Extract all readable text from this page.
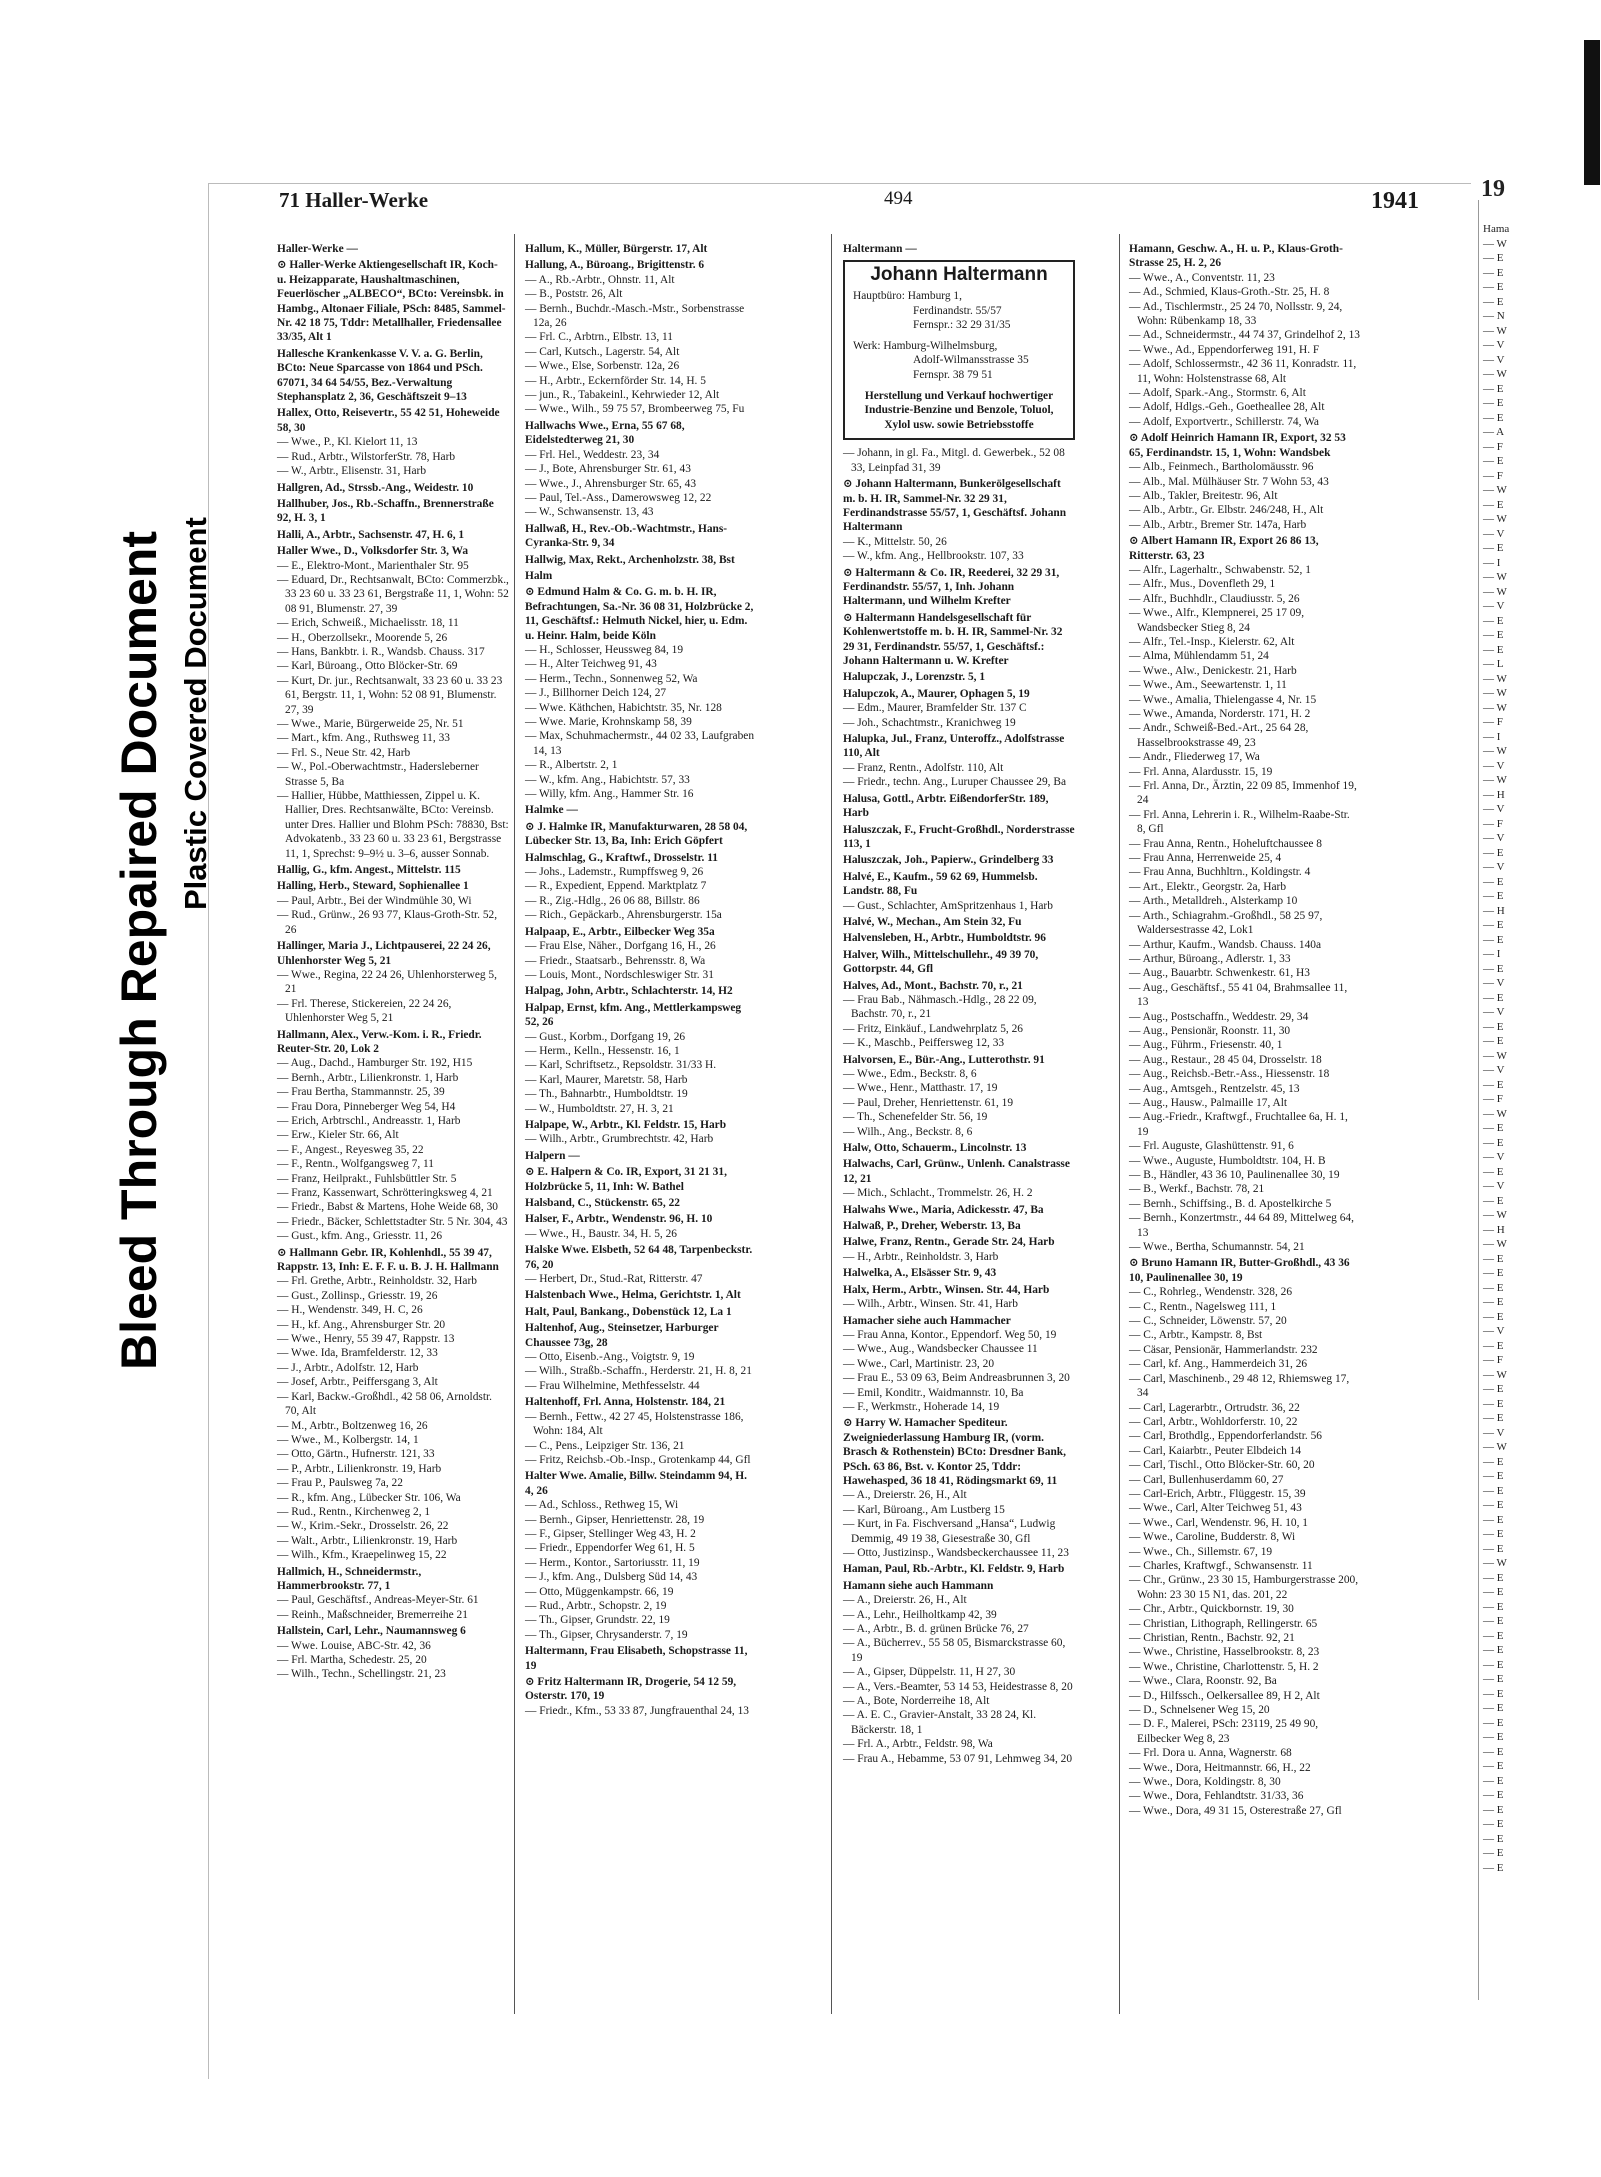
Bleed Through Repaired Document Plastic Covered Document
71 Haller-Werke	494	1941

Haller-Werke —

⊙ Haller-Werke Aktiengesellschaft IR, Koch- u. Heizapparate, Haushaltmaschinen, Feuerlöscher „ALBECO“, BCto: Vereinsbk. in Hambg., Altonaer Filiale, PSch: 8485, Sammel-Nr. 42 18 75, Tddr: Metallhaller, Friedensallee 33/35, Alt 1

Hallesche Krankenkasse V. V. a. G. Berlin, BCto: Neue Sparcasse von 1864 und PSch. 67071, 34 64 54/55, Bez.-Verwaltung Stephansplatz 2, 36, Geschäftszeit 9–13

Hallex, Otto, Reisevertr., 55 42 51, Hoheweide 58, 30

— Wwe., P., Kl. Kielort 11, 13

— Rud., Arbtr., WilstorferStr. 78, Harb

— W., Arbtr., Elisenstr. 31, Harb

Hallgren, Ad., Strssb.-Ang., Weidestr. 10

Hallhuber, Jos., Rb.-Schaffn., Brennerstraße 92, H. 3, 1

Halli, A., Arbtr., Sachsenstr. 47, H. 6, 1

Haller Wwe., D., Volksdorfer Str. 3, Wa

— E., Elektro-Mont., Marienthaler Str. 95

— Eduard, Dr., Rechtsanwalt, BCto: Commerzbk., 33 23 60 u. 33 23 61, Bergstraße 11, 1, Wohn: 52 08 91, Blumenstr. 27, 39

— Erich, Schweiß., Michaelisstr. 18, 11

— H., Oberzollsekr., Moorende 5, 26

— Hans, Bankbtr. i. R., Wandsb. Chauss. 317

— Karl, Büroang., Otto Blöcker-Str. 69

— Kurt, Dr. jur., Rechtsanwalt, 33 23 60 u. 33 23 61, Bergstr. 11, 1, Wohn: 52 08 91, Blumenstr. 27, 39

— Wwe., Marie, Bürgerweide 25, Nr. 51

— Mart., kfm. Ang., Ruthsweg 11, 33

— Frl. S., Neue Str. 42, Harb

— W., Pol.-Oberwachtmstr., Hadersleberner Strasse 5, Ba

— Hallier, Hübbe, Matthiessen, Zippel u. K. Hallier, Dres. Rechtsanwälte, BCto: Vereinsb. unter Dres. Hallier und Blohm PSch: 78830, Bst: Advokatenb., 33 23 60 u. 33 23 61, Bergstrasse 11, 1, Sprechst: 9–9½ u. 3–6, ausser Sonnab.

Hallig, G., kfm. Angest., Mittelstr. 115

Halling, Herb., Steward, Sophienallee 1

— Paul, Arbtr., Bei der Windmühle 30, Wi

— Rud., Grünw., 26 93 77, Klaus-Groth-Str. 52, 26

Hallinger, Maria J., Lichtpauserei, 22 24 26, Uhlenhorster Weg 5, 21

— Wwe., Regina, 22 24 26, Uhlenhorsterweg 5, 21

— Frl. Therese, Stickereien, 22 24 26, Uhlenhorster Weg 5, 21

Hallmann, Alex., Verw.-Kom. i. R., Friedr. Reuter-Str. 20, Lok 2

— Aug., Dachd., Hamburger Str. 192, H15

— Bernh., Arbtr., Lilienkronstr. 1, Harb

— Frau Bertha, Stammannstr. 25, 39

— Frau Dora, Pinneberger Weg 54, H4

— Erich, Arbtrschl., Andreasstr. 1, Harb

— Erw., Kieler Str. 66, Alt

— F., Angest., Reyesweg 35, 22

— F., Rentn., Wolfgangsweg 7, 11

— Franz, Heilprakt., Fuhlsbüttler Str. 5

— Franz, Kassenwart, Schrötteringksweg 4, 21

— Friedr., Babst & Martens, Hohe Weide 68, 30

— Friedr., Bäcker, Schlettstadter Str. 5 Nr. 304, 43

— Gust., kfm. Ang., Griesstr. 11, 26

⊙ Hallmann Gebr. IR, Kohlenhdl., 55 39 47, Rappstr. 13, Inh: E. F. F. u. B. J. H. Hallmann

— Frl. Grethe, Arbtr., Reinholdstr. 32, Harb

— Gust., Zollinsp., Griesstr. 19, 26

— H., Wendenstr. 349, H. C, 26

— H., kf. Ang., Ahrensburger Str. 20

— Wwe., Henry, 55 39 47, Rappstr. 13

— Wwe. Ida, Bramfelderstr. 12, 33

— J., Arbtr., Adolfstr. 12, Harb

— Josef, Arbtr., Peiffersgang 3, Alt

— Karl, Backw.-Großhdl., 42 58 06, Arnoldstr. 70, Alt

— M., Arbtr., Boltzenweg 16, 26

— Wwe., M., Kolbergstr. 14, 1

— Otto, Gärtn., Hufnerstr. 121, 33

— P., Arbtr., Lilienkronstr. 19, Harb

— Frau P., Paulsweg 7a, 22

— R., kfm. Ang., Lübecker Str. 106, Wa

— Rud., Rentn., Kirchenweg 2, 1

— W., Krim.-Sekr., Drosselstr. 26, 22

— Walt., Arbtr., Lilienkronstr. 19, Harb

— Wilh., Kfm., Kraepelinweg 15, 22

Hallmich, H., Schneidermstr., Hammerbrookstr. 77, 1

— Paul, Geschäftsf., Andreas-Meyer-Str. 61

— Reinh., Maßschneider, Bremerreihe 21

Hallstein, Carl, Lehr., Naumannsweg 6

— Wwe. Louise, ABC-Str. 42, 36

— Frl. Martha, Schedestr. 25, 20

— Wilh., Techn., Schellingstr. 21, 23

Hallum, K., Müller, Bürgerstr. 17, Alt

Hallung, A., Büroang., Brigittenstr. 6

— A., Rb.-Arbtr., Ohnstr. 11, Alt

— B., Poststr. 26, Alt

— Bernh., Buchdr.-Masch.-Mstr., Sorbenstrasse 12a, 26

— Frl. C., Arbtrn., Elbstr. 13, 11

— Carl, Kutsch., Lagerstr. 54, Alt

— Wwe., Else, Sorbenstr. 12a, 26

— H., Arbtr., Eckernförder Str. 14, H. 5

— jun., R., Tabakeinl., Kehrwieder 12, Alt

— Wwe., Wilh., 59 75 57, Brombeerweg 75, Fu

Hallwachs Wwe., Erna, 55 67 68, Eidelstedterweg 21, 30

— Frl. Hel., Weddestr. 23, 34

— J., Bote, Ahrensburger Str. 61, 43

— Wwe., J., Ahrensburger Str. 65, 43

— Paul, Tel.-Ass., Damerowsweg 12, 22

— W., Schwansenstr. 13, 43

Hallwaß, H., Rev.-Ob.-Wachtmstr., Hans-Cyranka-Str. 9, 34

Hallwig, Max, Rekt., Archenholzstr. 38, Bst

Halm

⊙ Edmund Halm & Co. G. m. b. H. IR, Befrachtungen, Sa.-Nr. 36 08 31, Holzbrücke 2, 11, Geschäftsf.: Helmuth Nickel, hier, u. Edm. u. Heinr. Halm, beide Köln

— H., Schlosser, Heussweg 84, 19

— H., Alter Teichweg 91, 43

— Herm., Techn., Sonnenweg 52, Wa

— J., Billhorner Deich 124, 27

— Wwe. Käthchen, Habichtstr. 35, Nr. 128

— Wwe. Marie, Krohnskamp 58, 39

— Max, Schuhmachermstr., 44 02 33, Laufgraben 14, 13

— R., Albertstr. 2, 1

— W., kfm. Ang., Habichtstr. 57, 33

— Willy, kfm. Ang., Hammer Str. 16

Halmke —

⊙ J. Halmke IR, Manufakturwaren, 28 58 04, Lübecker Str. 13, Ba, Inh: Erich Göpfert

Halmschlag, G., Kraftwf., Drosselstr. 11

— Johs., Lademstr., Rumpffsweg 9, 26

— R., Expedient, Eppend. Marktplatz 7

— R., Zig.-Hdlg., 26 06 88, Billstr. 86

— Rich., Gepäckarb., Ahrensburgerstr. 15a

Halpaap, E., Arbtr., Eilbecker Weg 35a

— Frau Else, Näher., Dorfgang 16, H., 26

— Friedr., Staatsarb., Behrensstr. 8, Wa

— Louis, Mont., Nordschleswiger Str. 31

Halpag, John, Arbtr., Schlachterstr. 14, H2

Halpap, Ernst, kfm. Ang., Mettlerkampsweg 52, 26

— Gust., Korbm., Dorfgang 19, 26

— Herm., Kelln., Hessenstr. 16, 1

— Karl, Schriftsetz., Repsoldstr. 31/33 H.

— Karl, Maurer, Maretstr. 58, Harb

— Th., Bahnarbtr., Humboldtstr. 19

— W., Humboldtstr. 27, H. 3, 21

Halpape, W., Arbtr., Kl. Feldstr. 15, Harb

— Wilh., Arbtr., Grumbrechtstr. 42, Harb

Halpern —

⊙ E. Halpern & Co. IR, Export, 31 21 31, Holzbrücke 5, 11, Inh: W. Bathel

Halsband, C., Stückenstr. 65, 22

Halser, F., Arbtr., Wendenstr. 96, H. 10

— Wwe., H., Baustr. 34, H. 5, 26

Halske Wwe. Elsbeth, 52 64 48, Tarpenbeckstr. 76, 20

— Herbert, Dr., Stud.-Rat, Ritterstr. 47

Halstenbach Wwe., Helma, Gerichtstr. 1, Alt

Halt, Paul, Bankang., Dobenstück 12, La 1

Haltenhof, Aug., Steinsetzer, Harburger Chaussee 73g, 28

— Otto, Eisenb.-Ang., Voigtstr. 9, 19

— Wilh., Straßb.-Schaffn., Herderstr. 21, H. 8, 21

— Frau Wilhelmine, Methfesselstr. 44

Haltenhoff, Frl. Anna, Holstenstr. 184, 21

— Bernh., Fettw., 42 27 45, Holstenstrasse 186, Wohn: 184, Alt

— C., Pens., Leipziger Str. 136, 21

— Fritz, Reichsb.-Ob.-Insp., Grotenkamp 44, Gfl

Halter Wwe. Amalie, Billw. Steindamm 94, H. 4, 26

— Ad., Schloss., Rethweg 15, Wi

— Bernh., Gipser, Henriettenstr. 28, 19

— F., Gipser, Stellinger Weg 43, H. 2

— Friedr., Eppendorfer Weg 61, H. 5

— Herm., Kontor., Sartoriusstr. 11, 19

— J., kfm. Ang., Dulsberg Süd 14, 43

— Otto, Müggenkampstr. 66, 19

— Rud., Arbtr., Schopstr. 2, 19

— Th., Gipser, Grundstr. 22, 19

— Th., Gipser, Chrysanderstr. 7, 19

Haltermann, Frau Elisabeth, Schopstrasse 11, 19

⊙ Fritz Haltermann IR, Drogerie, 54 12 59, Osterstr. 170, 19

— Friedr., Kfm., 53 33 87, Jungfrauenthal 24, 13

Haltermann —

Johann Haltermann
Hauptbüro: Hamburg 1,
Ferdinandstr. 55/57
Fernspr.: 32 29 31/35
Werk: Hamburg-Wilhelmsburg,
Adolf-Wilmansstrasse 35
Fernspr. 38 79 51
Herstellung und Verkauf hochwertiger Industrie-Benzine und Benzole, Toluol, Xylol usw. sowie Betriebsstoffe

— Johann, in gl. Fa., Mitgl. d. Gewerbek., 52 08 33, Leinpfad 31, 39

⊙ Johann Haltermann, Bunkerölgesellschaft m. b. H. IR, Sammel-Nr. 32 29 31, Ferdinandstrasse 55/57, 1, Geschäftsf. Johann Haltermann

— K., Mittelstr. 50, 26

— W., kfm. Ang., Hellbrookstr. 107, 33

⊙ Haltermann & Co. IR, Reederei, 32 29 31, Ferdinandstr. 55/57, 1, Inh. Johann Haltermann, und Wilhelm Krefter

⊙ Haltermann Handelsgesellschaft für Kohlenwertstoffe m. b. H. IR, Sammel-Nr. 32 29 31, Ferdinandstr. 55/57, 1, Geschäftsf.: Johann Haltermann u. W. Krefter

Halupczak, J., Lorenzstr. 5, 1

Halupczok, A., Maurer, Ophagen 5, 19

— Edm., Maurer, Bramfelder Str. 137 C

— Joh., Schachtmstr., Kranichweg 19

Halupka, Jul., Franz, Unteroffz., Adolfstrasse 110, Alt

— Franz, Rentn., Adolfstr. 110, Alt

— Friedr., techn. Ang., Luruper Chaussee 29, Ba

Halusa, Gottl., Arbtr. EißendorferStr. 189, Harb

Haluszczak, F., Frucht-Großhdl., Norderstrasse 113, 1

Haluszczak, Joh., Papierw., Grindelberg 33

Halvé, E., Kaufm., 59 62 69, Hummelsb. Landstr. 88, Fu

— Gust., Schlachter, AmSpritzenhaus 1, Harb

Halvé, W., Mechan., Am Stein 32, Fu

Halvensleben, H., Arbtr., Humboldtstr. 96

Halver, Wilh., Mittelschullehr., 49 39 70, Gottorpstr. 44, Gfl

Halves, Ad., Mont., Bachstr. 70, r., 21

— Frau Bab., Nähmasch.-Hdlg., 28 22 09, Bachstr. 70, r., 21

— Fritz, Einkäuf., Landwehrplatz 5, 26

— K., Maschb., Peiffersweg 12, 33

Halvorsen, E., Bür.-Ang., Lutterothstr. 91

— Wwe., Edm., Beckstr. 8, 6

— Wwe., Henr., Matthastr. 17, 19

— Paul, Dreher, Henriettenstr. 61, 19

— Th., Schenefelder Str. 56, 19

— Wilh., Ang., Beckstr. 8, 6

Halw, Otto, Schauerm., Lincolnstr. 13

Halwachs, Carl, Grünw., Unlenh. Canalstrasse 12, 21

— Mich., Schlacht., Trommelstr. 26, H. 2

Halwahs Wwe., Maria, Adickesstr. 47, Ba

Halwaß, P., Dreher, Weberstr. 13, Ba

Halwe, Franz, Rentn., Gerade Str. 24, Harb

— H., Arbtr., Reinholdstr. 3, Harb

Halwelka, A., Elsässer Str. 9, 43

Halx, Herm., Arbtr., Winsen. Str. 44, Harb

— Wilh., Arbtr., Winsen. Str. 41, Harb

Hamacher siehe auch Hammacher

— Frau Anna, Kontor., Eppendorf. Weg 50, 19

— Wwe., Aug., Wandsbecker Chaussee 11

— Wwe., Carl, Martinistr. 23, 20

— Frau E., 53 09 63, Beim Andreasbrunnen 3, 20

— Emil, Konditr., Waidmannstr. 10, Ba

— F., Werkmstr., Hoherade 14, 19

⊙ Harry W. Hamacher Spediteur. Zweigniederlassung Hamburg IR, (vorm. Brasch & Rothenstein) BCto: Dresdner Bank, PSch. 63 86, Bst. v. Kontor 25, Tddr: Hawehasped, 36 18 41, Rödingsmarkt 69, 11

— A., Dreierstr. 26, H., Alt

— Karl, Büroang., Am Lustberg 15

— Kurt, in Fa. Fischversand „Hansa“, Ludwig Demmig, 49 19 38, Giesestraße 30, Gfl

— Otto, Justizinsp., Wandsbeckerchaussee 11, 23

Haman, Paul, Rb.-Arbtr., Kl. Feldstr. 9, Harb

Hamann siehe auch Hammann

— A., Dreierstr. 26, H., Alt

— A., Lehr., Heilholtkamp 42, 39

— A., Arbtr., B. d. grünen Brücke 76, 27

— A., Bücherrev., 55 58 05, Bismarckstrasse 60, 19

— A., Gipser, Düppelstr. 11, H 27, 30

— A., Vers.-Beamter, 53 14 53, Heidestrasse 8, 20

— A., Bote, Norderreihe 18, Alt

— A. E. C., Gravier-Anstalt, 33 28 24, Kl. Bäckerstr. 18, 1

— Frl. A., Arbtr., Feldstr. 98, Wa

— Frau A., Hebamme, 53 07 91, Lehmweg 34, 20

Hamann, Geschw. A., H. u. P., Klaus-Groth-Strasse 25, H. 2, 26

— Wwe., A., Conventstr. 11, 23

— Ad., Schmied, Klaus-Groth.-Str. 25, H. 8

— Ad., Tischlermstr., 25 24 70, Nollsstr. 9, 24, Wohn: Rübenkamp 18, 33

— Ad., Schneidermstr., 44 74 37, Grindelhof 2, 13

— Wwe., Ad., Eppendorferweg 191, H. F

— Adolf, Schlossermstr., 42 36 11, Konradstr. 11, 11, Wohn: Holstenstrasse 68, Alt

— Adolf, Spark.-Ang., Stormstr. 6, Alt

— Adolf, Hdlgs.-Geh., Goetheallee 28, Alt

— Adolf, Exportvertr., Schillerstr. 74, Wa

⊙ Adolf Heinrich Hamann IR, Export, 32 53 65, Ferdinandstr. 15, 1, Wohn: Wandsbek

— Alb., Feinmech., Bartholomäusstr. 96

— Alb., Mal. Mülhäuser Str. 7 Wohn 53, 43

— Alb., Takler, Breitestr. 96, Alt

— Alb., Arbtr., Gr. Elbstr. 246/248, H., Alt

— Alb., Arbtr., Bremer Str. 147a, Harb

⊙ Albert Hamann IR, Export 26 86 13, Ritterstr. 63, 23

— Alfr., Lagerhaltr., Schwabenstr. 52, 1

— Alfr., Mus., Dovenfleth 29, 1

— Alfr., Buchhdlr., Claudiusstr. 5, 26

— Wwe., Alfr., Klempnerei, 25 17 09, Wandsbecker Stieg 8, 24

— Alfr., Tel.-Insp., Kielerstr. 62, Alt

— Alma, Mühlendamm 51, 24

— Wwe., Alw., Denickestr. 21, Harb

— Wwe., Am., Seewartenstr. 1, 11

— Wwe., Amalia, Thielengasse 4, Nr. 15

— Wwe., Amanda, Norderstr. 171, H. 2

— Andr., Schweiß-Bed.-Art., 25 64 28, Hasselbrookstrasse 49, 23

— Andr., Fliederweg 17, Wa

— Frl. Anna, Alardusstr. 15, 19

— Frl. Anna, Dr., Ärztin, 22 09 85, Immenhof 19, 24

— Frl. Anna, Lehrerin i. R., Wilhelm-Raabe-Str. 8, Gfl

— Frau Anna, Rentn., Hoheluftchaussee 8

— Frau Anna, Herrenweide 25, 4

— Frau Anna, Buchhltrn., Koldingstr. 4

— Art., Elektr., Georgstr. 2a, Harb

— Arth., Metalldreh., Alsterkamp 10

— Arth., Schiagrahm.-Großhdl., 58 25 97, Waldersestrasse 42, Lok1

— Arthur, Kaufm., Wandsb. Chauss. 140a

— Arthur, Büroang., Adlerstr. 1, 33

— Aug., Bauarbtr. Schwenkestr. 61, H3

— Aug., Geschäftsf., 55 41 04, Brahmsallee 11, 13

— Aug., Postschaffn., Weddestr. 29, 34

— Aug., Pensionär, Roonstr. 11, 30

— Aug., Führm., Friesenstr. 40, 1

— Aug., Restaur., 28 45 04, Drosselstr. 18

— Aug., Reichsb.-Betr.-Ass., Hiessenstr. 18

— Aug., Amtsgeh., Rentzelstr. 45, 13

— Aug., Hausw., Palmaille 17, Alt

— Aug.-Friedr., Kraftwgf., Fruchtallee 6a, H. 1, 19

— Frl. Auguste, Glashüttenstr. 91, 6

— Wwe., Auguste, Humboldtstr. 104, H. B

— B., Händler, 43 36 10, Paulinenallee 30, 19

— B., Werkf., Bachstr. 78, 21

— Bernh., Schiffsing., B. d. Apostelkirche 5

— Bernh., Konzertmstr., 44 64 89, Mittelweg 64, 13

— Wwe., Bertha, Schumannstr. 54, 21

⊙ Bruno Hamann IR, Butter-Großhdl., 43 36 10, Paulinenallee 30, 19

— C., Rohrleg., Wendenstr. 328, 26

— C., Rentn., Nagelsweg 111, 1

— C., Schneider, Löwenstr. 57, 20

— C., Arbtr., Kampstr. 8, Bst

— Cäsar, Pensionär, Hammerlandstr. 232

— Carl, kf. Ang., Hammerdeich 31, 26

— Carl, Maschinenb., 29 48 12, Rhiemsweg 17, 34

— Carl, Lagerarbtr., Ortrudstr. 36, 22

— Carl, Arbtr., Wohldorferstr. 10, 22

— Carl, Brothdlg., Eppendorferlandstr. 56

— Carl, Kaiarbtr., Peuter Elbdeich 14

— Carl, Tischl., Otto Blöcker-Str. 60, 20

— Carl, Bullenhuserdamm 60, 27

— Carl-Erich, Arbtr., Flüggestr. 15, 39

— Wwe., Carl, Alter Teichweg 51, 43

— Wwe., Carl, Wendenstr. 96, H. 10, 1

— Wwe., Caroline, Budderstr. 8, Wi

— Wwe., Ch., Sillemstr. 67, 19

— Charles, Kraftwgf., Schwansenstr. 11

— Chr., Grünw., 23 30 15, Hamburgerstrasse 200, Wohn: 23 30 15 N1, das. 201, 22

— Chr., Arbtr., Quickbornstr. 19, 30

— Christian, Lithograph, Rellingerstr. 65

— Christian, Rentn., Bachstr. 92, 21

— Wwe., Christine, Hasselbrookstr. 8, 23

— Wwe., Christine, Charlottenstr. 5, H. 2

— Wwe., Clara, Roonstr. 92, Ba

— D., Hilfssch., Oelkersallee 89, H 2, Alt

— D., Schnelsener Weg 15, 20

— D. F., Malerei, PSch: 23119, 25 49 90, Eilbecker Weg 8, 23

— Frl. Dora u. Anna, Wagnerstr. 68

— Wwe., Dora, Heitmannstr. 66, H., 22

— Wwe., Dora, Koldingstr. 8, 30

— Wwe., Dora, Fehlandtstr. 31/33, 36

— Wwe., Dora, 49 31 15, Osterestraße 27, Gfl

19
Hama
— W
— E
— E
— E
— E
— N
— W
— V
— V
— W
— E
— E
— E
— A
— F
— E
— F
— W
— E
— W
— V
— E
— I
— W
— W
— V
— E
— E
— E
— L
— W
— W
— W
— F
— I
— W
— V
— W
— H
— V
— F
— V
— E
— V
— E
— E
— H
— E
— E
— I
— E
— V
— E
— V
— E
— E
— W
— V
— E
— F
— W
— E
— E
— V
— E
— V
— E
— W
— H
— W
— E
— E
— E
— E
— E
— V
— E
— F
— W
— E
— E
— E
— V
— W
— E
— E
— E
— E
— E
— E
— E
— W
— E
— E
— E
— E
— E
— E
— E
— E
— E
— E
— E
— E
— E
— E
— E
— E
— E
— E
— E
— E
— E
